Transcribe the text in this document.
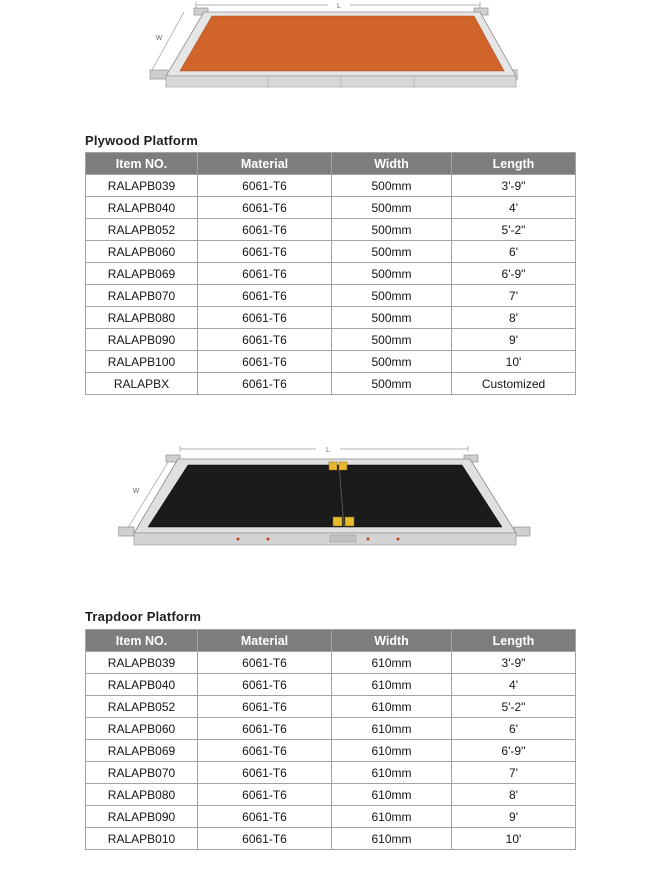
L
W
Plywood Platform
Item NO.	Material	Width	Length
RALAPB039	6061-T6	500mm	3'-9"
RALAPB040	6061-T6	500mm	4'
RALAPB052	6061-T6	500mm	5'-2"
RALAPB060	6061-T6	500mm	6'
RALAPB069	6061-T6	500mm	6'-9"
RALAPB070	6061-T6	500mm	7'
RALAPB080	6061-T6	500mm	8'
RALAPB090	6061-T6	500mm	9'
RALAPB100	6061-T6	500mm	10'
RALAPBX	6061-T6	500mm	Customized
L
W
Trapdoor Platform
Item NO.	Material	Width	Length
RALAPB039	6061-T6	610mm	3'-9"
RALAPB040	6061-T6	610mm	4'
RALAPB052	6061-T6	610mm	5'-2"
RALAPB060	6061-T6	610mm	6'
RALAPB069	6061-T6	610mm	6'-9''
RALAPB070	6061-T6	610mm	7'
RALAPB080	6061-T6	610mm	8'
RALAPB090	6061-T6	610mm	9'
RALAPB010	6061-T6	610mm	10'
